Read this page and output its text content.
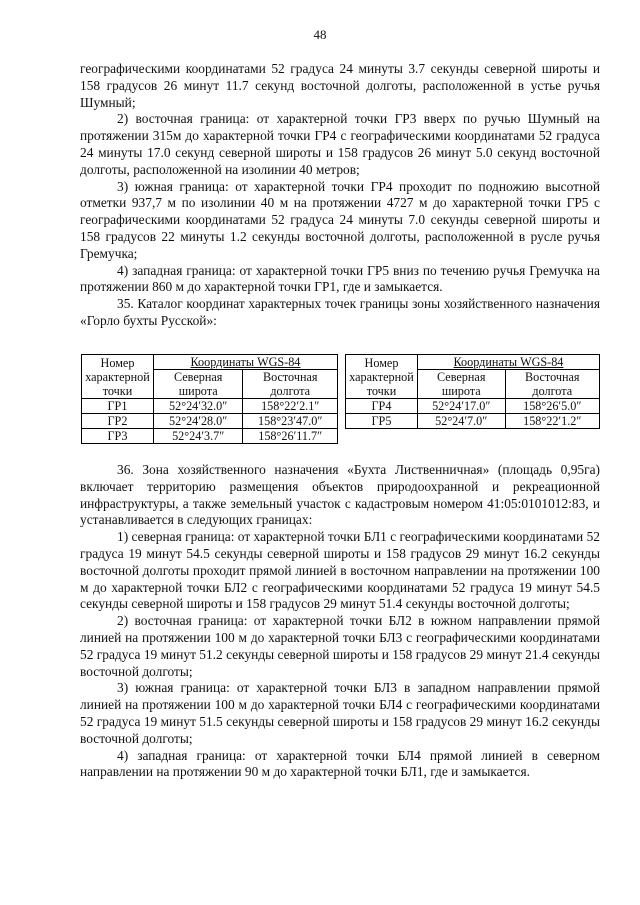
48

географическими координатами 52 градуса 24 минуты 3.7 секунды северной широты и 158 градусов 26 минут 11.7 секунд восточной долготы, расположенной в устье ручья Шумный;

2) восточная граница: от характерной точки ГР3 вверх по ручью Шумный на протяжении 315м до характерной точки ГР4 с географическими координатами 52 градуса 24 минуты 17.0 секунд северной широты и 158 градусов 26 минут 5.0 секунд восточной долготы, расположенной на изолинии 40 метров;

3) южная граница: от характерной точки ГР4 проходит по подножию высотной отметки 937,7 м по изолинии 40 м на протяжении 4727 м до характерной точки ГР5 с географическими координатами 52 градуса 24 минуты 7.0 секунды северной широты и 158 градусов 22 минуты 1.2 секунды восточной долготы, расположенной в русле ручья Гремучка;

4) западная граница: от характерной точки ГР5 вниз по течению ручья Гремучка на протяжении 860 м до характерной точки ГР1, где и замыкается.

35. Каталог координат характерных точек границы зоны хозяйственного назначения «Горло бухты Русской»:

Номер характерной точки	Координаты WGS-84	
	Северная широта	Восточная долгота
ГР1	52°24′32.0″	158°22′2.1″
ГР2	52°24′28.0″	158°23′47.0″
ГР3	52°24′3.7″	158°26′11.7″
Номер характерной точки	Координаты WGS-84	
	Северная широта	Восточная долгота
ГР4	52°24′17.0″	158°26′5.0″
ГР5	52°24′7.0″	158°22′1.2″

36. Зона хозяйственного назначения «Бухта Лиственничная» (площадь 0,95га) включает территорию размещения объектов природоохранной и рекреационной инфраструктуры, а также земельный участок с кадастровым номером 41:05:0101012:83, и устанавливается в следующих границах:

1) северная граница: от характерной точки БЛ1 с географическими координатами 52 градуса 19 минут 54.5 секунды северной широты и 158 градусов 29 минут 16.2 секунды восточной долготы проходит прямой линией в восточном направлении на протяжении 100 м до характерной точки БЛ2 с географическими координатами 52 градуса 19 минут 54.5 секунды северной широты и 158 градусов 29 минут 51.4 секунды восточной долготы;

2) восточная граница: от характерной точки БЛ2 в южном направлении прямой линией на протяжении 100 м до характерной точки БЛ3 с географическими координатами 52 градуса 19 минут 51.2 секунды северной широты и 158 градусов 29 минут 21.4 секунды восточной долготы;

3) южная граница: от характерной точки БЛ3 в западном направлении прямой линией на протяжении 100 м до характерной точки БЛ4 с географическими координатами 52 градуса 19 минут 51.5 секунды северной широты и 158 градусов 29 минут 16.2 секунды восточной долготы;

4) западная граница: от характерной точки БЛ4 прямой линией в северном направлении на протяжении 90 м до характерной точки БЛ1, где и замыкается.
